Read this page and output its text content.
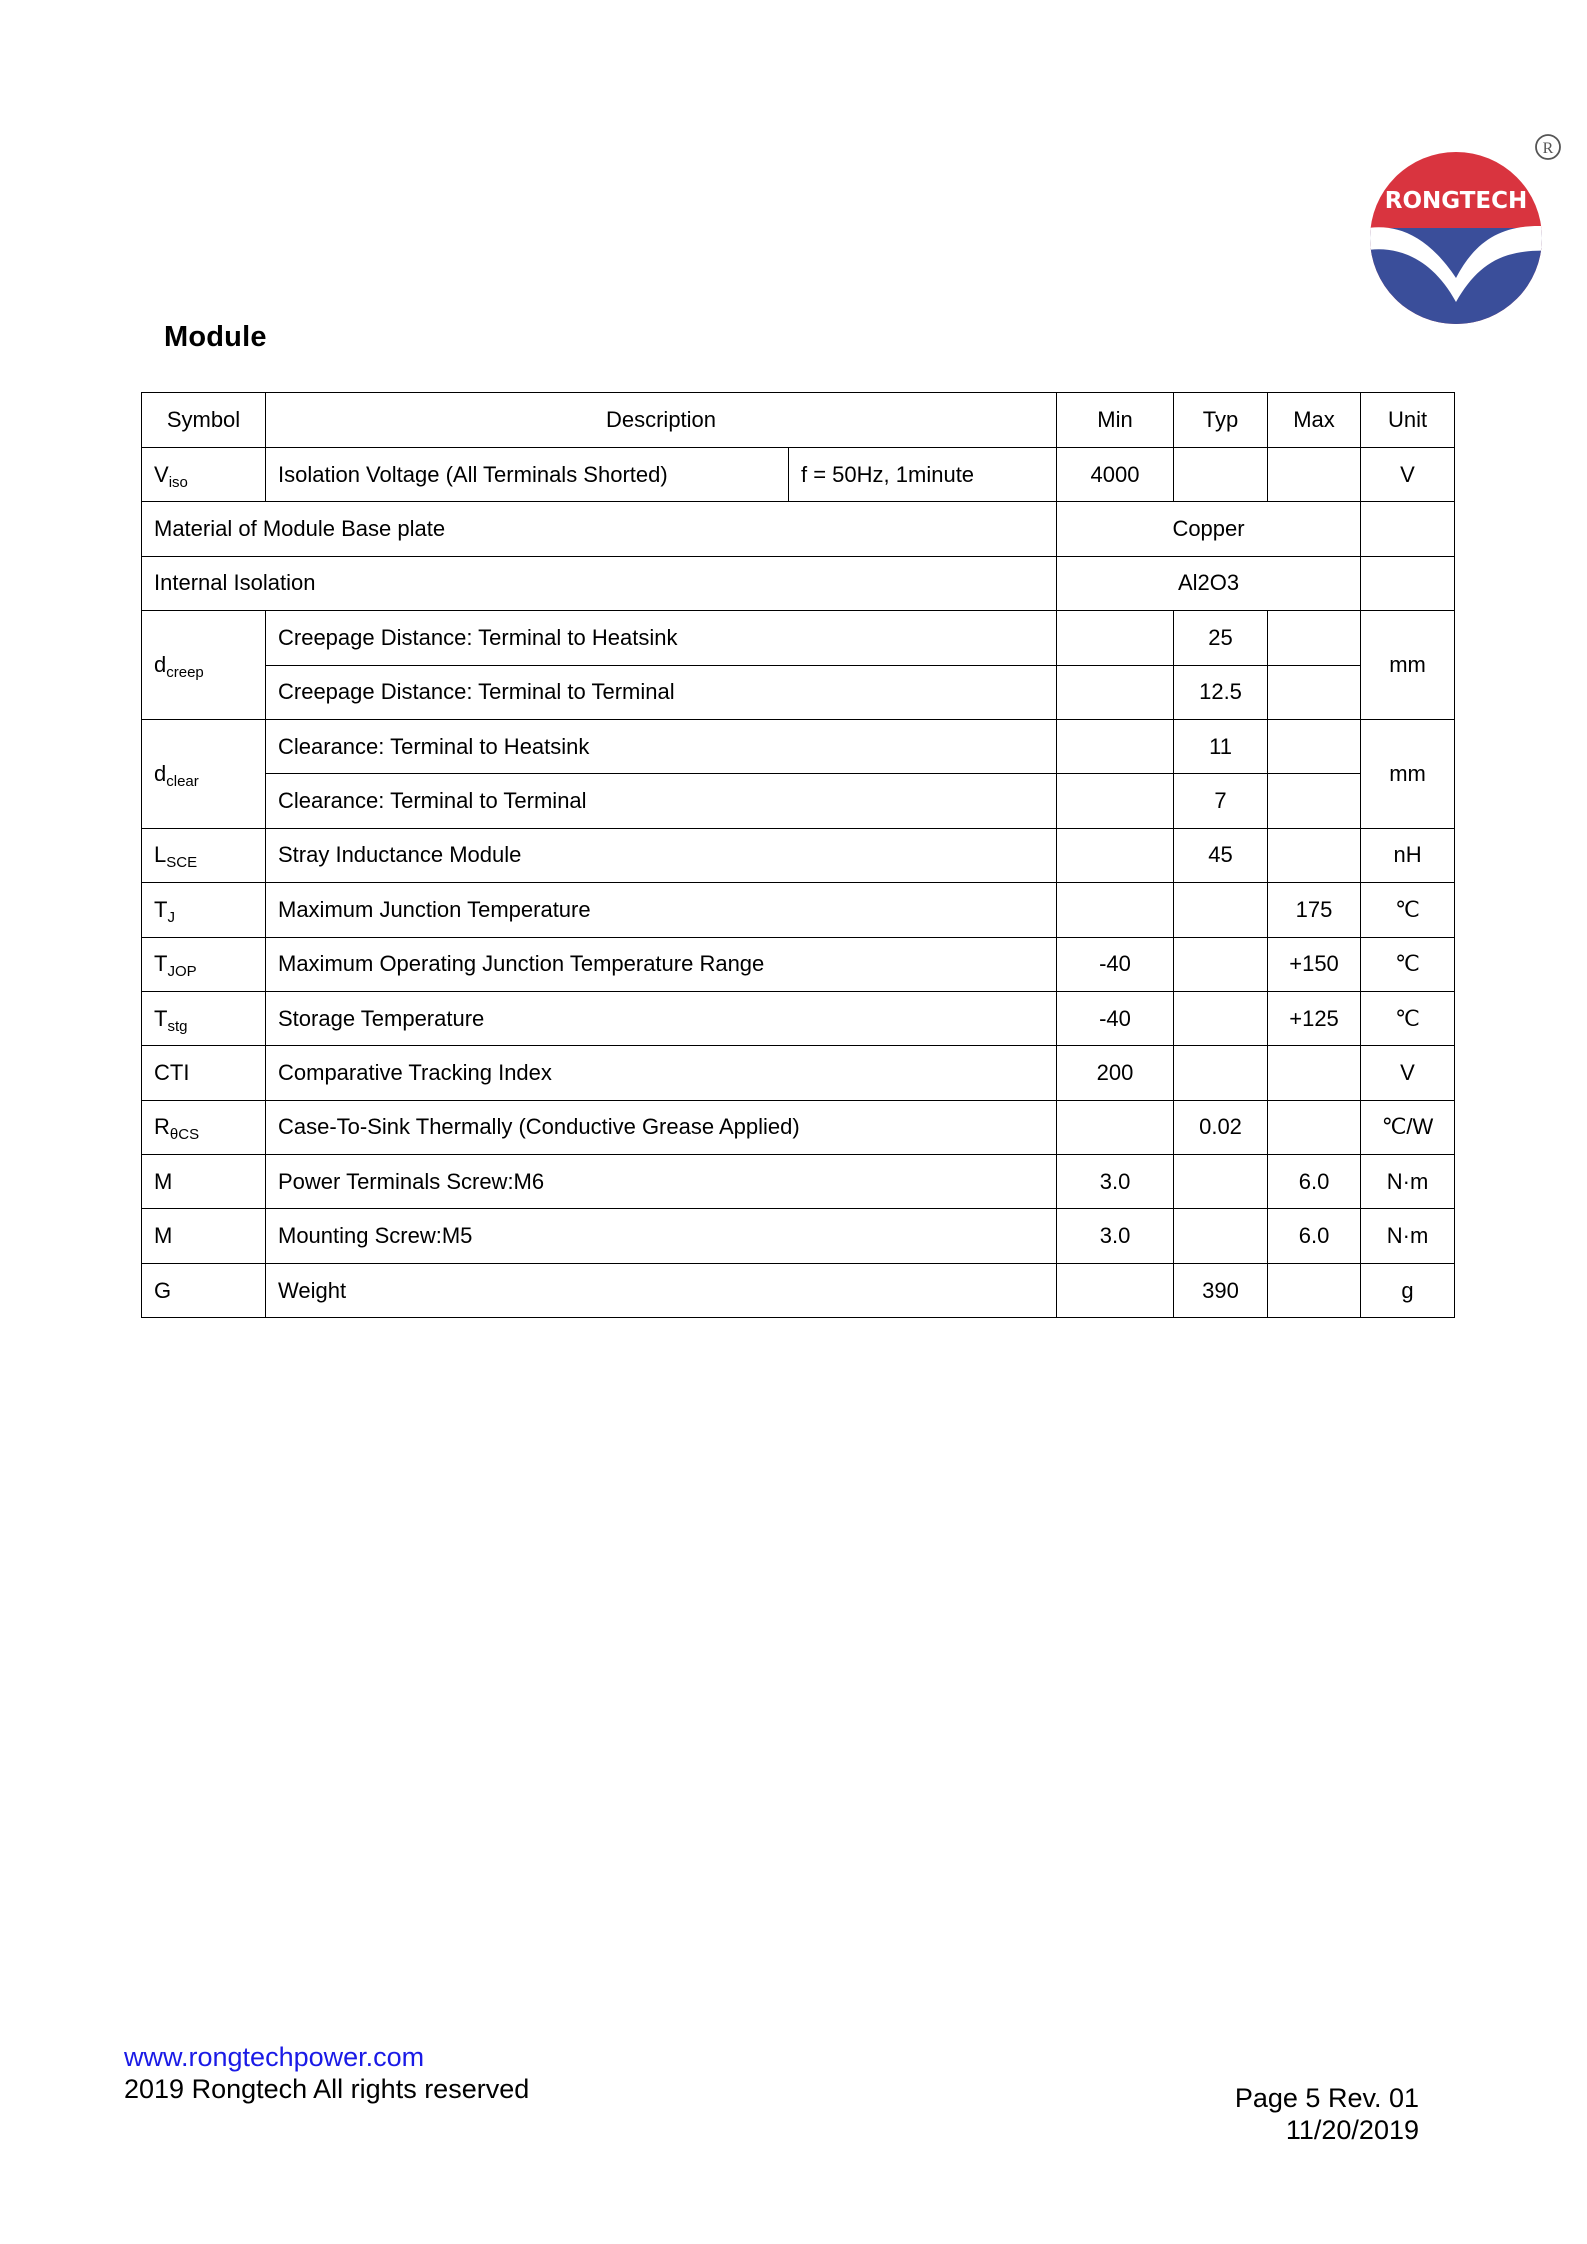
RONGTECH
R
Module
Symbol	Description		Min	Typ	Max	Unit
$V_{iso}$	Isolation Voltage (All Terminals Shorted)	f = 50Hz, 1minute	4000			V
Material of Module Base plate			Copper			
Internal Isolation			Al2O3			
$d_{creep}$	Creepage Distance: Terminal to Heatsink			25		mm
	Creepage Distance: Terminal to Terminal			12.5		
$d_{clear}$	Clearance: Terminal to Heatsink			11		mm
	Clearance: Terminal to Terminal			7		
$L_{SCE}$	Stray Inductance Module			45		nH
$T_J$	Maximum Junction Temperature				175	℃
$T_{JOP}$	Maximum Operating Junction Temperature Range		-40		+150	℃
$T_{stg}$	Storage Temperature		-40		+125	℃
CTI	Comparative Tracking Index		200			V
$R_{\theta CS}$	Case-To-Sink Thermally (Conductive Grease Applied)			0.02		℃/W
M	Power Terminals Screw:M6		3.0		6.0	N·m
M	Mounting Screw:M5		3.0		6.0	N·m
G	Weight			390		g
www.rongtechpower.com
2019 Rongtech All rights reserved	Page 5 Rev. 01
11/20/2019
